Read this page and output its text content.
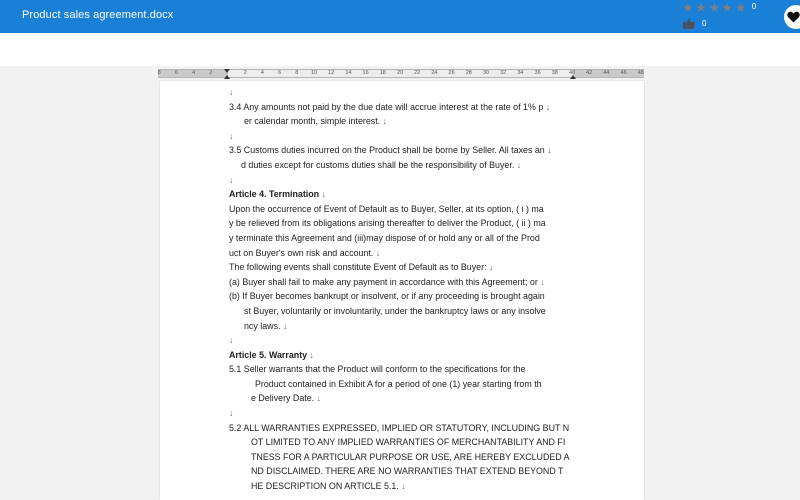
Product sales agreement.docx	★ ★ ★ ★ ★ 0
0
8	6	4	2	2	4	6	8 10 12 14 16 18 20 22 24 26 28 30 32 34 36 38 40 42 44 46 48
↓
3.4 Any amounts not paid by the due date will accrue interest at the rate of 1% p ↓
er calendar month, simple interest. ↓
↓
3.5 Customs duties incurred on the Product shall be borne by Seller. All taxes an ↓
d duties except for customs duties shall be the responsibility of Buyer. ↓
↓
Article 4. Termination ↓
Upon the occurrence of Event of Default as to Buyer, Seller, at its option, ( i ) ma
y be relieved from its obligations arising thereafter to deliver the Product, ( ii ) ma
y terminate this Agreement and (iii)may dispose of or hold any or all of the Prod
uct on Buyer's own risk and account. ↓
The following events shall constitute Event of Default as to Buyer: ↓
(a) Buyer shall fail to make any payment in accordance with this Agreement; or ↓
(b) If Buyer becomes bankrupt or insolvent, or if any proceeding is brought again
st Buyer, voluntarily or involuntarily, under the bankruptcy laws or any insolve
ncy laws. ↓
↓
Article 5. Warranty ↓
5.1 Seller warrants that the Product will conform to the specifications for the
Product contained in Exhibit A for a period of one (1) year starting from th
e Delivery Date. ↓
↓
5.2 ALL WARRANTIES EXPRESSED, IMPLIED OR STATUTORY, INCLUDING BUT N
OT LIMITED TO ANY IMPLIED WARRANTIES OF MERCHANTABILITY AND FI
TNESS FOR A PARTICULAR PURPOSE OR USE, ARE HEREBY EXCLUDED A
ND DISCLAIMED. THERE ARE NO WARRANTIES THAT EXTEND BEYOND T
HE DESCRIPTION ON ARTICLE 5.1. ↓
